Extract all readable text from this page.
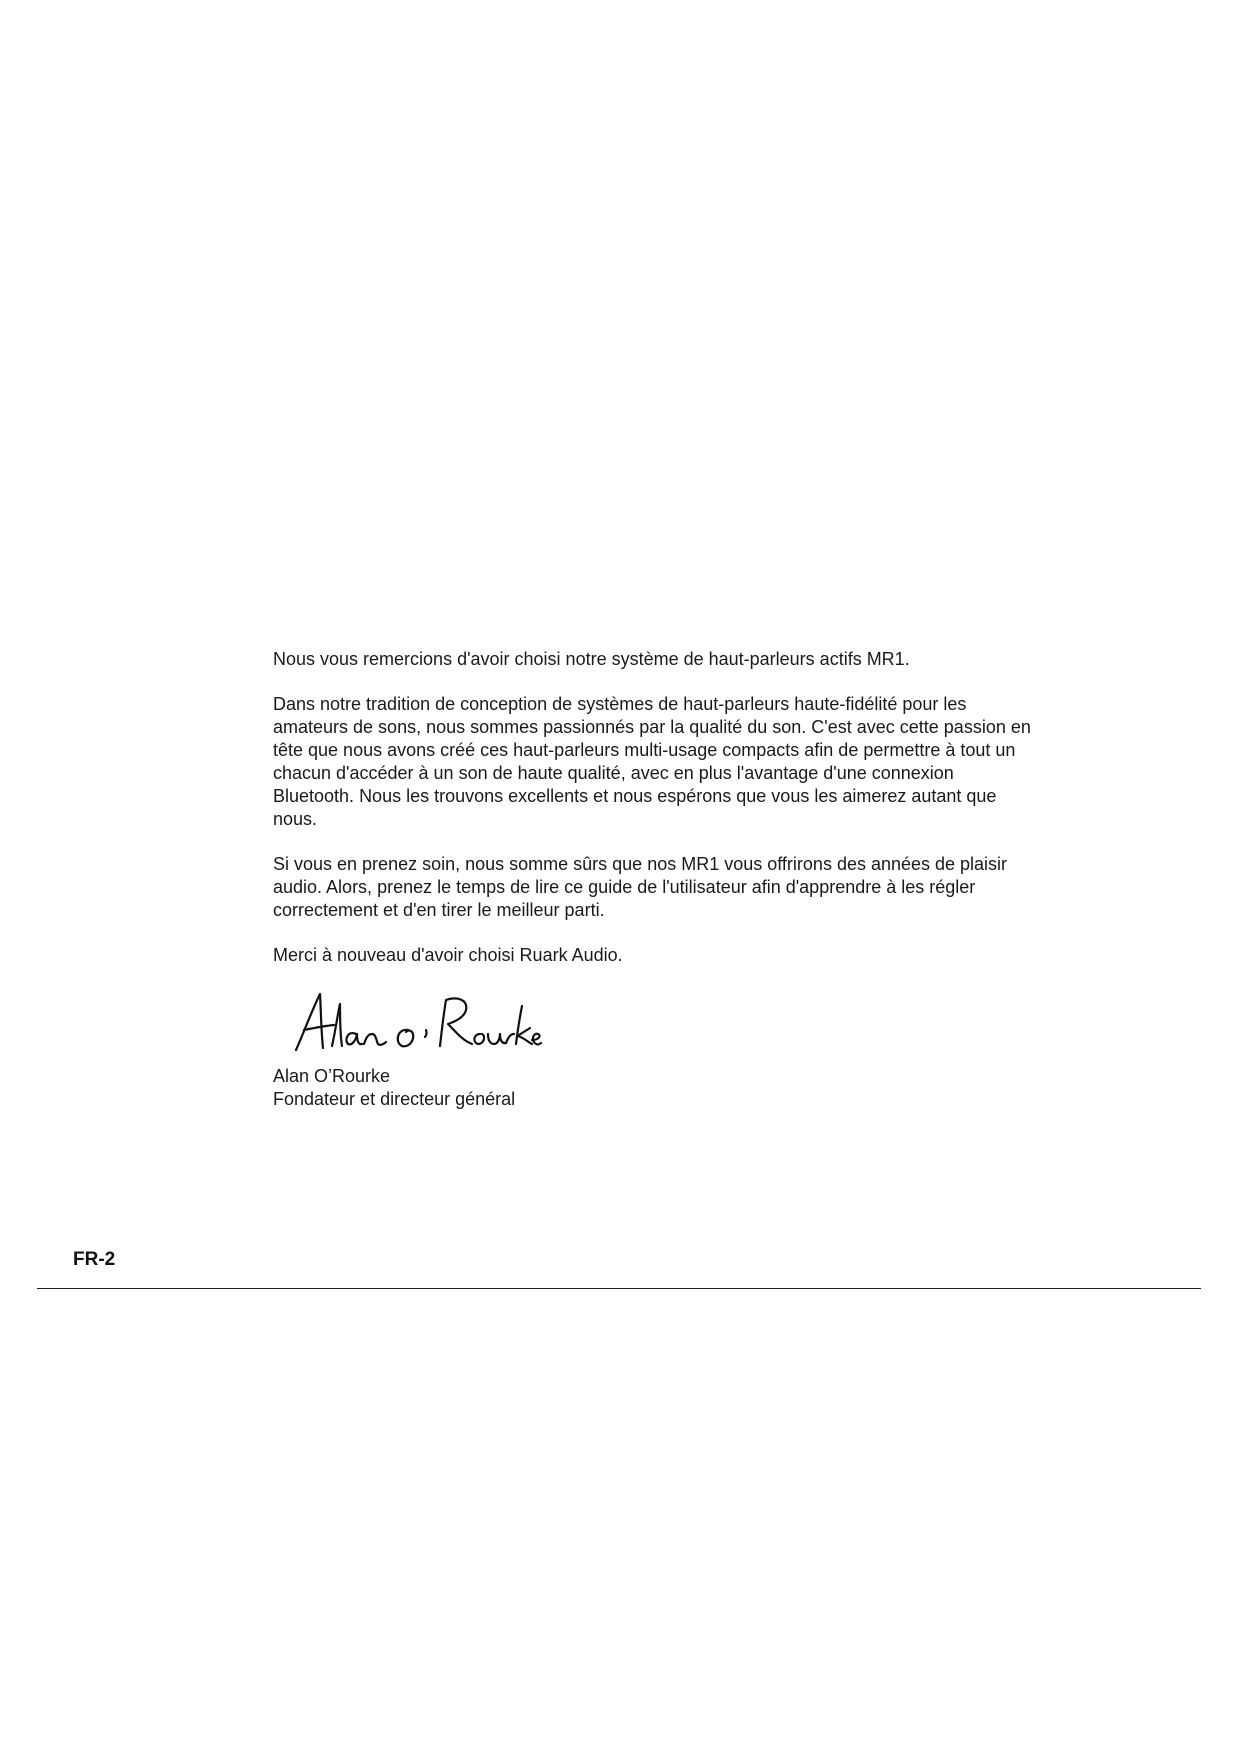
Nous vous remercions d'avoir choisi notre système de haut-parleurs actifs MR1.

Dans notre tradition de conception de systèmes de haut-parleurs haute-fidélité pour les amateurs de sons, nous sommes passionnés par la qualité du son. C'est avec cette passion en tête que nous avons créé ces haut-parleurs multi-usage compacts afin de permettre à tout un chacun d'accéder à un son de haute qualité, avec en plus l'avantage d'une connexion Bluetooth. Nous les trouvons excellents et nous espérons que vous les aimerez autant que nous.

Si vous en prenez soin, nous somme sûrs que nos MR1 vous offrirons des années de plaisir audio. Alors, prenez le temps de lire ce guide de l'utilisateur afin d'apprendre à les régler correctement et d'en tirer le meilleur parti.

Merci à nouveau d'avoir choisi Ruark Audio.

Alan O’Rourke
Fondateur et directeur général
FR-2
